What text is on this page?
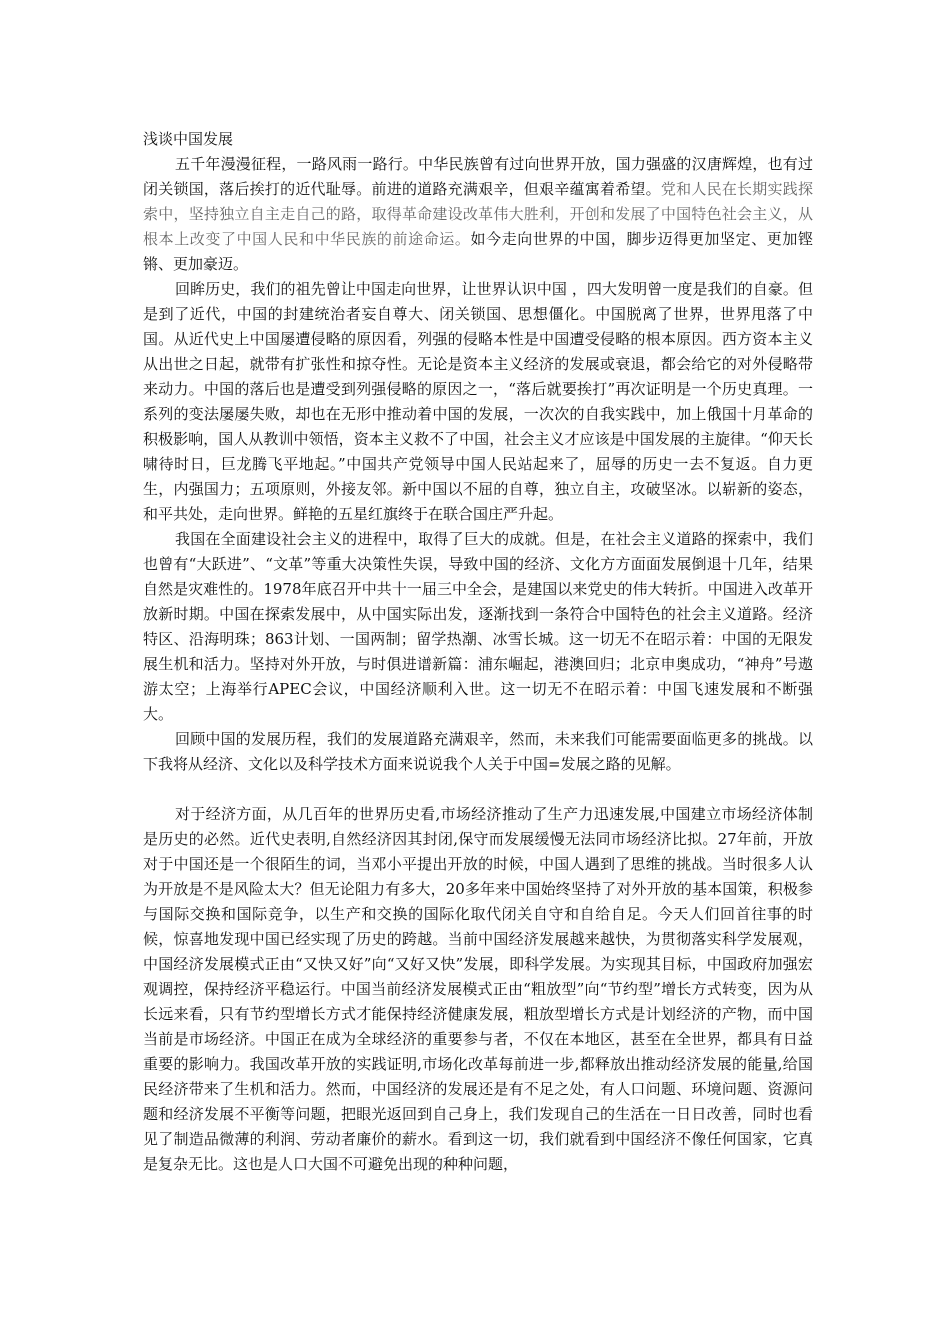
浅谈中国发展

五千年漫漫征程，一路风雨一路行。中华民族曾有过向世界开放，国力强盛的汉唐辉煌，也有过闭关锁国，落后挨打的近代耻辱。前进的道路充满艰辛，但艰辛蕴寓着希望。党和人民在长期实践探索中，坚持独立自主走自己的路，取得革命建设改革伟大胜利，开创和发展了中国特色社会主义，从根本上改变了中国人民和中华民族的前途命运。如今走向世界的中国，脚步迈得更加坚定、更加铿锵、更加豪迈。

回眸历史，我们的祖先曾让中国走向世界，让世界认识中国 ，四大发明曾一度是我们的自豪。但是到了近代，中国的封建统治者妄自尊大、闭关锁国、思想僵化。中国脱离了世界，世界甩落了中国。从近代史上中国屡遭侵略的原因看，列强的侵略本性是中国遭受侵略的根本原因。西方资本主义从出世之日起，就带有扩张性和掠夺性。无论是资本主义经济的发展或衰退，都会给它的对外侵略带来动力。中国的落后也是遭受到列强侵略的原因之一，“落后就要挨打”再次证明是一个历史真理。一系列的变法屡屡失败，却也在无形中推动着中国的发展，一次次的自我实践中，加上俄国十月革命的积极影响，国人从教训中领悟，资本主义救不了中国，社会主义才应该是中国发展的主旋律。“仰天长啸待时日，巨龙腾飞平地起。”中国共产党领导中国人民站起来了，屈辱的历史一去不复返。自力更生，内强国力；五项原则，外接友邻。新中国以不屈的自尊，独立自主，攻破坚冰。以崭新的姿态，和平共处，走向世界。鲜艳的五星红旗终于在联合国庄严升起。

我国在全面建设社会主义的进程中，取得了巨大的成就。但是，在社会主义道路的探索中，我们也曾有“大跃进”、“文革”等重大决策性失误，导致中国的经济、文化方方面面发展倒退十几年，结果自然是灾难性的。1978年底召开中共十一届三中全会，是建国以来党史的伟大转折。中国进入改革开放新时期。中国在探索发展中，从中国实际出发，逐渐找到一条符合中国特色的社会主义道路。经济特区、沿海明珠；863计划、一国两制；留学热潮、冰雪长城。这一切无不在昭示着：中国的无限发展生机和活力。坚持对外开放，与时俱进谱新篇：浦东崛起，港澳回归；北京申奥成功，“神舟”号遨游太空；上海举行APEC会议，中国经济顺利入世。这一切无不在昭示着：中国飞速发展和不断强大。

回顾中国的发展历程，我们的发展道路充满艰辛，然而，未来我们可能需要面临更多的挑战。以下我将从经济、文化以及科学技术方面来说说我个人关于中国=发展之路的见解。

对于经济方面，从几百年的世界历史看,市场经济推动了生产力迅速发展,中国建立市场经济体制是历史的必然。近代史表明,自然经济因其封闭,保守而发展缓慢无法同市场经济比拟。27年前，开放对于中国还是一个很陌生的词，当邓小平提出开放的时候，中国人遇到了思维的挑战。当时很多人认为开放是不是风险太大？但无论阻力有多大，20多年来中国始终坚持了对外开放的基本国策，积极参与国际交换和国际竞争，以生产和交换的国际化取代闭关自守和自给自足。今天人们回首往事的时候，惊喜地发现中国已经实现了历史的跨越。当前中国经济发展越来越快，为贯彻落实科学发展观，中国经济发展模式正由“又快又好”向“又好又快”发展，即科学发展。为实现其目标，中国政府加强宏观调控，保持经济平稳运行。中国当前经济发展模式正由“粗放型”向“节约型”增长方式转变，因为从长远来看，只有节约型增长方式才能保持经济健康发展，粗放型增长方式是计划经济的产物，而中国当前是市场经济。中国正在成为全球经济的重要参与者，不仅在本地区，甚至在全世界，都具有日益重要的影响力。我国改革开放的实践证明,市场化改革每前进一步,都释放出推动经济发展的能量,给国民经济带来了生机和活力。然而，中国经济的发展还是有不足之处，有人口问题、环境问题、资源问题和经济发展不平衡等问题，把眼光返回到自己身上，我们发现自己的生活在一日日改善，同时也看见了制造品微薄的利润、劳动者廉价的薪水。看到这一切，我们就看到中国经济不像任何国家，它真是复杂无比。这也是人口大国不可避免出现的种种问题，
